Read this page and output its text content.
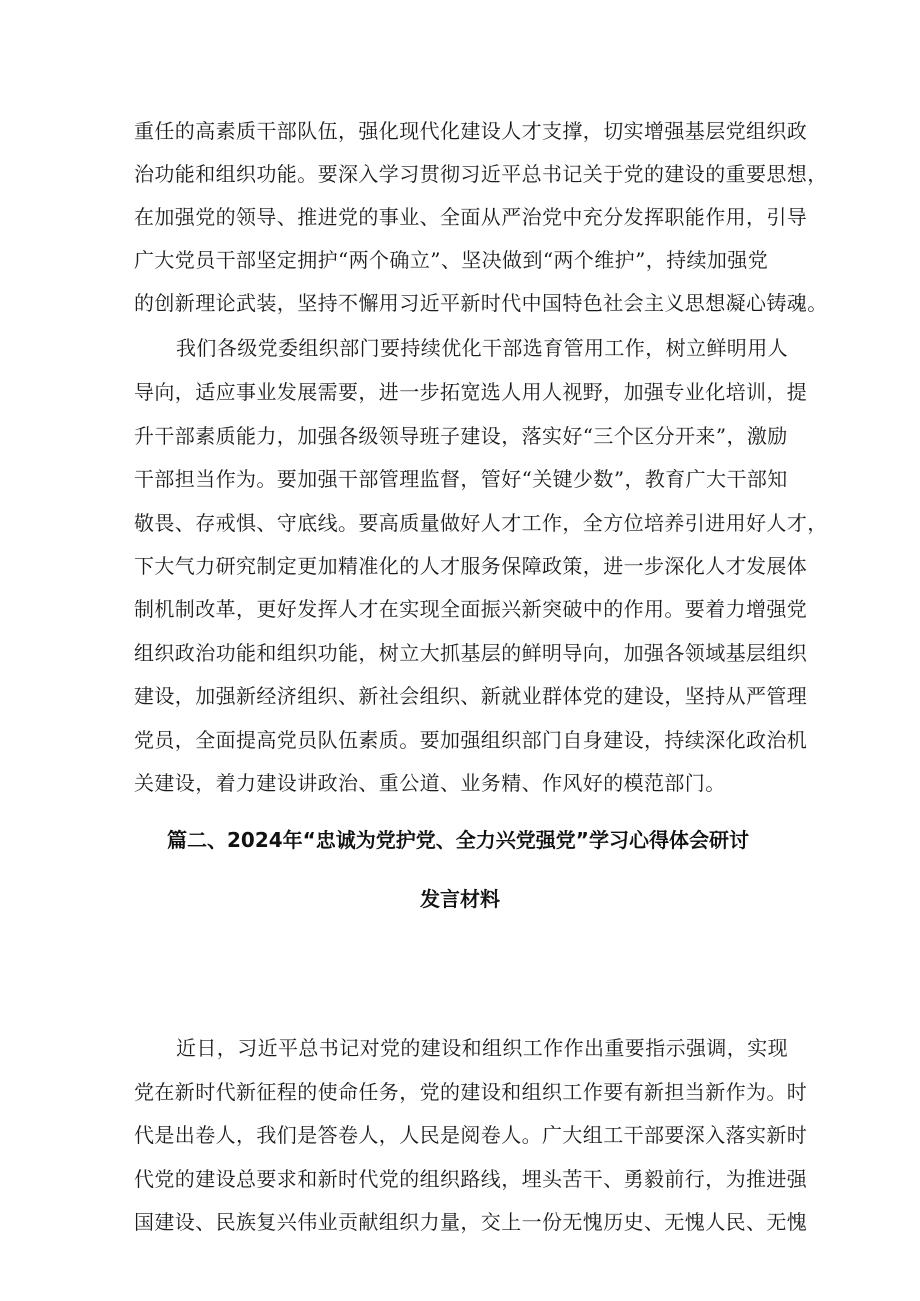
重任的高素质干部队伍，强化现代化建设人才支撑，切实增强基层党组织政
治功能和组织功能。要深入学习贯彻习近平总书记关于党的建设的重要思想，
在加强党的领导、推进党的事业、全面从严治党中充分发挥职能作用，引导
广大党员干部坚定拥护“两个确立”、坚决做到“两个维护”，持续加强党
的创新理论武装，坚持不懈用习近平新时代中国特色社会主义思想凝心铸魂。
我们各级党委组织部门要持续优化干部选育管用工作，树立鲜明用人
导向，适应事业发展需要，进一步拓宽选人用人视野，加强专业化培训，提
升干部素质能力，加强各级领导班子建设，落实好“三个区分开来”，激励
干部担当作为。要加强干部管理监督，管好“关键少数”，教育广大干部知
敬畏、存戒惧、守底线。要高质量做好人才工作，全方位培养引进用好人才，
下大气力研究制定更加精准化的人才服务保障政策，进一步深化人才发展体
制机制改革，更好发挥人才在实现全面振兴新突破中的作用。要着力增强党
组织政治功能和组织功能，树立大抓基层的鲜明导向，加强各领域基层组织
建设，加强新经济组织、新社会组织、新就业群体党的建设，坚持从严管理
党员，全面提高党员队伍素质。要加强组织部门自身建设，持续深化政治机
关建设，着力建设讲政治、重公道、业务精、作风好的模范部门。
篇二、2024年“忠诚为党护党、全力兴党强党”学习心得体会研讨
发言材料
近日，习近平总书记对党的建设和组织工作作出重要指示强调，实现
党在新时代新征程的使命任务，党的建设和组织工作要有新担当新作为。时
代是出卷人，我们是答卷人，人民是阅卷人。广大组工干部要深入落实新时
代党的建设总要求和新时代党的组织路线，埋头苦干、勇毅前行，为推进强
国建设、民族复兴伟业贡献组织力量，交上一份无愧历史、无愧人民、无愧
